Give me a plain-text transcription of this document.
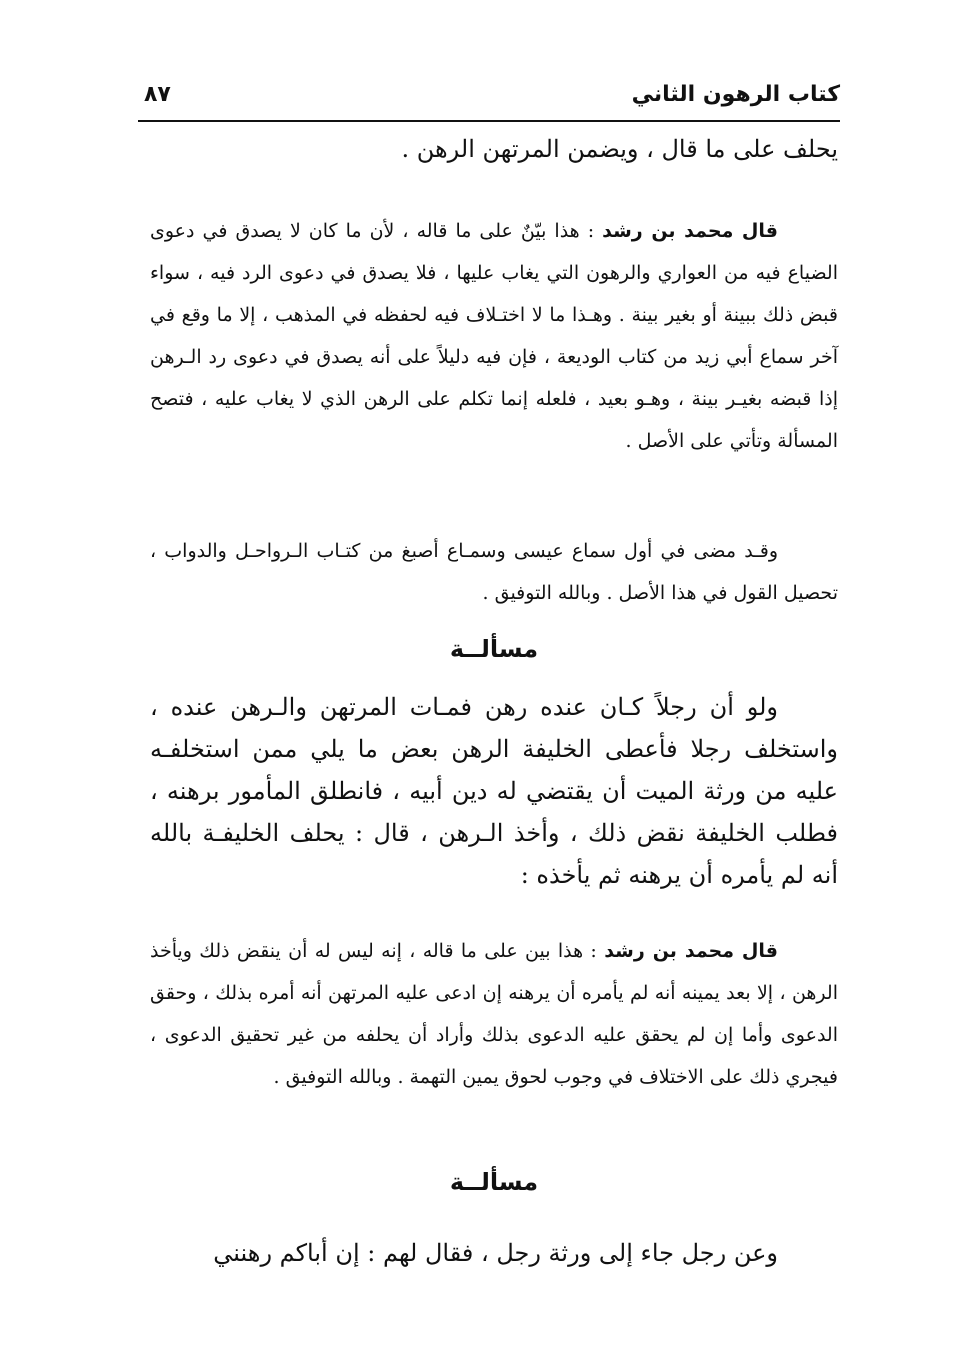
كتاب الرهون الثاني
٨٧

يحلف على ما قال ، ويضمن المرتهن الرهن .

قال محمد بن رشد : هذا بيّنٌ على ما قاله ، لأن ما كان لا يصدق في دعوى الضياع فيه من العواري والرهون التي يغاب عليها ، فلا يصدق في دعوى الرد فيه ، سواء قبض ذلك ببينة أو بغير بينة . وهـذا ما لا اختـلاف فيه لحفظه في المذهب ، إلا ما وقع في آخر سماع أبي زيد من كتاب الوديعة ، فإن فيه دليلاً على أنه يصدق في دعوى رد الـرهن إذا قبضه بغيـر بينة ، وهـو بعيد ، فلعله إنما تكلم على الرهن الذي لا يغاب عليه ، فتصح المسألة وتأتي على الأصل .

وقـد مضى في أول سماع عيسى وسمـاع أصبغ من كتـاب الـرواحـل والدواب ، تحصيل القول في هذا الأصل . وبالله التوفيق .

مسألــة

ولو أن رجلاً كـان عنده رهن فمـات المرتهن والـرهن عنده ، واستخلف رجلا فأعطى الخليفة الرهن بعض ما يلي ممن استخلفـه عليه من ورثة الميت أن يقتضي له دين أبيه ، فانطلق المأمور برهنه ، فطلب الخليفة نقض ذلك ، وأخذ الـرهن ، قال : يحلف الخليفـة بالله أنه لم يأمره أن يرهنه ثم يأخذه :

قال محمد بن رشد : هذا بين على ما قاله ، إنه ليس له أن ينقض ذلك ويأخذ الرهن ، إلا بعد يمينه أنه لم يأمره أن يرهنه إن ادعى عليه المرتهن أنه أمره بذلك ، وحقق الدعوى وأما إن لم يحقق عليه الدعوى بذلك وأراد أن يحلفه من غير تحقيق الدعوى ، فيجري ذلك على الاختلاف في وجوب لحوق يمين التهمة . وبالله التوفيق .

مسألــة

وعن رجل جاء إلى ورثة رجل ، فقال لهم : إن أباكم رهنني
